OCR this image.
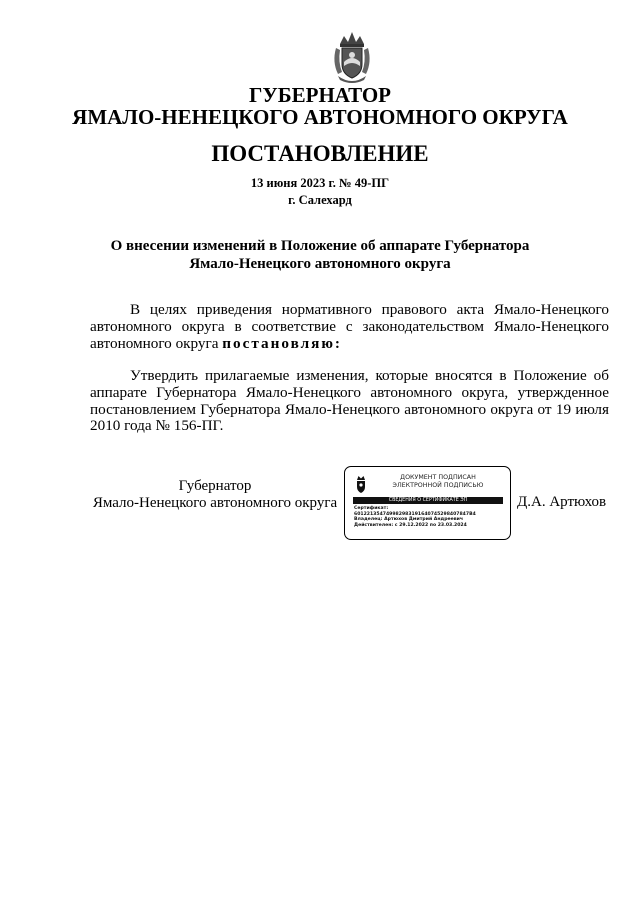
ГУБЕРНАТОР
ЯМАЛО-НЕНЕЦКОГО АВТОНОМНОГО ОКРУГА
ПОСТАНОВЛЕНИЕ
13 июня 2023 г. № 49-ПГ
г. Салехард
О внесении изменений в Положение об аппарате Губернатора
Ямало-Ненецкого автономного округа

В целях приведения нормативного правового акта Ямало-Ненецкого автономного округа в соответствие с законодательством Ямало-Ненецкого автономного округа постановляю:

Утвердить прилагаемые изменения, которые вносятся в Положение об аппарате Губернатора Ямало-Ненецкого автономного округа, утвержденное постановлением Губернатора Ямало-Ненецкого автономного округа от 19 июля 2010 года № 156-ПГ.

Губернатор
Ямало-Ненецкого автономного округа
ДОКУМЕНТ ПОДПИСАН
ЭЛЕКТРОННОЙ ПОДПИСЬЮ
СВЕДЕНИЯ О СЕРТИФИКАТЕ ЭП
Сертификат:
601221354749982983191640745298407847B4
Владелец: Артюхов Дмитрий Андреевич
Действителен: с 29.12.2022 по 23.03.2024
Д.А. Артюхов
